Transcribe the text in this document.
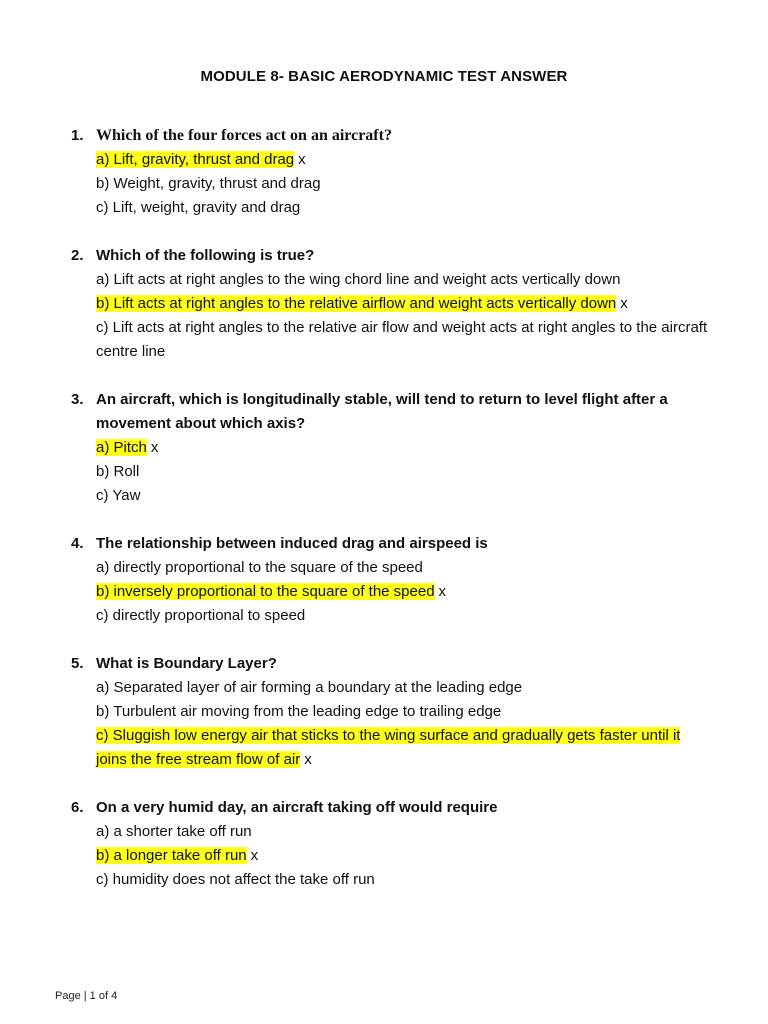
MODULE 8- BASIC AERODYNAMIC TEST ANSWER
1. Which of the four forces act on an aircraft?
a) Lift, gravity, thrust and drag x
b) Weight, gravity, thrust and drag
c) Lift, weight, gravity and drag
2. Which of the following is true?
a) Lift acts at right angles to the wing chord line and weight acts vertically down
b) Lift acts at right angles to the relative airflow and weight acts vertically down x
c) Lift acts at right angles to the relative air flow and weight acts at right angles to the aircraft centre line
3. An aircraft, which is longitudinally stable, will tend to return to level flight after a movement about which axis?
a) Pitch x
b) Roll
c) Yaw
4. The relationship between induced drag and airspeed is
a) directly proportional to the square of the speed
b) inversely proportional to the square of the speed x
c) directly proportional to speed
5. What is Boundary Layer?
a) Separated layer of air forming a boundary at the leading edge
b) Turbulent air moving from the leading edge to trailing edge
c) Sluggish low energy air that sticks to the wing surface and gradually gets faster until it joins the free stream flow of air x
6. On a very humid day, an aircraft taking off would require
a) a shorter take off run
b) a longer take off run x
c) humidity does not affect the take off run
Page | 1 of 4
